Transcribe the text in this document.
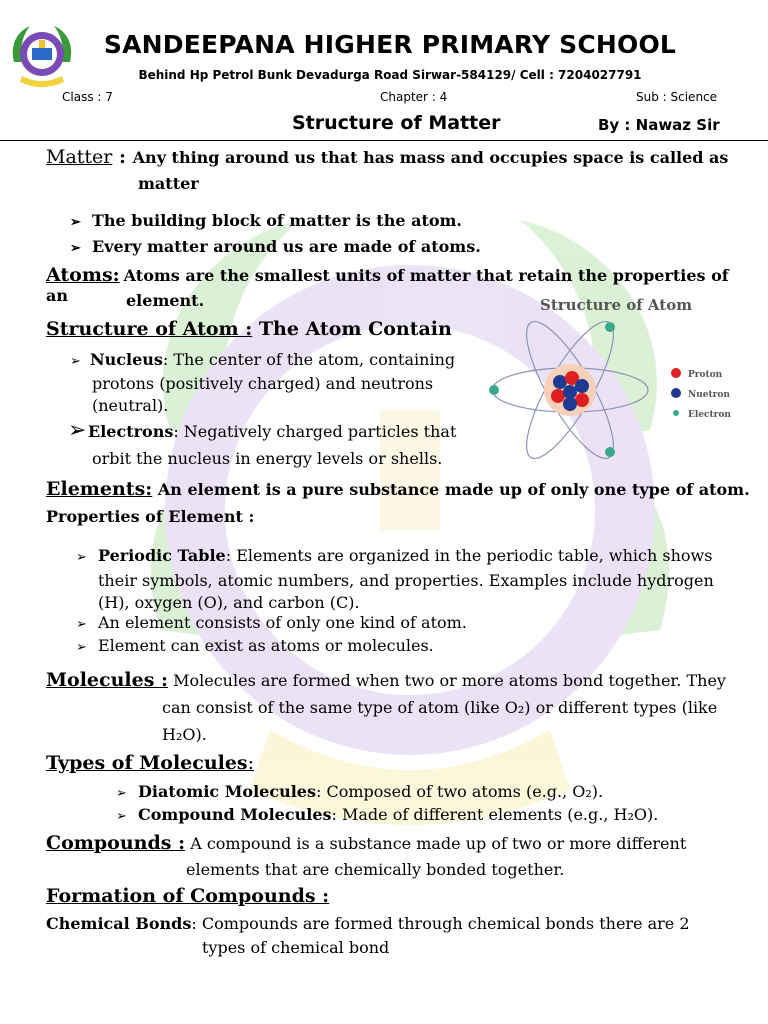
SANDEEPANA HIGHER PRIMARY SCHOOL
Behind Hp Petrol Bunk Devadurga Road Sirwar-584129/ Cell : 7204027791
Class : 7	Chapter : 4	Sub : Science
Structure of Matter	By : Nawaz Sir
Matter : Any thing around us that has mass and occupies space is called as
matter
➢ The building block of matter is the atom.
➢ Every matter around us are made of atoms.
Atoms: Atoms are the smallest units of matter that retain the properties of an	element.
Structure of Atom : The Atom Contain
➢ Nucleus: The center of the atom, containing
protons (positively charged) and neutrons
(neutral).
➢Electrons: Negatively charged particles that
orbit the nucleus in energy levels or shells.
Structure of Atom
Proton
Nuetron
Electron
Elements: An element is a pure substance made up of only one type of atom.
Properties of Element :
➢ Periodic Table: Elements are organized in the periodic table, which shows
their symbols, atomic numbers, and properties. Examples include hydrogen
(H), oxygen (O), and carbon (C).
➢ An element consists of only one kind of atom.
➢ Element can exist as atoms or molecules.
Molecules : Molecules are formed when two or more atoms bond together. They
can consist of the same type of atom (like O₂) or different types (like
H₂O).
Types of Molecules:
➢ Diatomic Molecules: Composed of two atoms (e.g., O₂).
➢ Compound Molecules: Made of different elements (e.g., H₂O).
Compounds : A compound is a substance made up of two or more different
elements that are chemically bonded together.
Formation of Compounds :
Chemical Bonds: Compounds are formed through chemical bonds there are 2
types of chemical bond
